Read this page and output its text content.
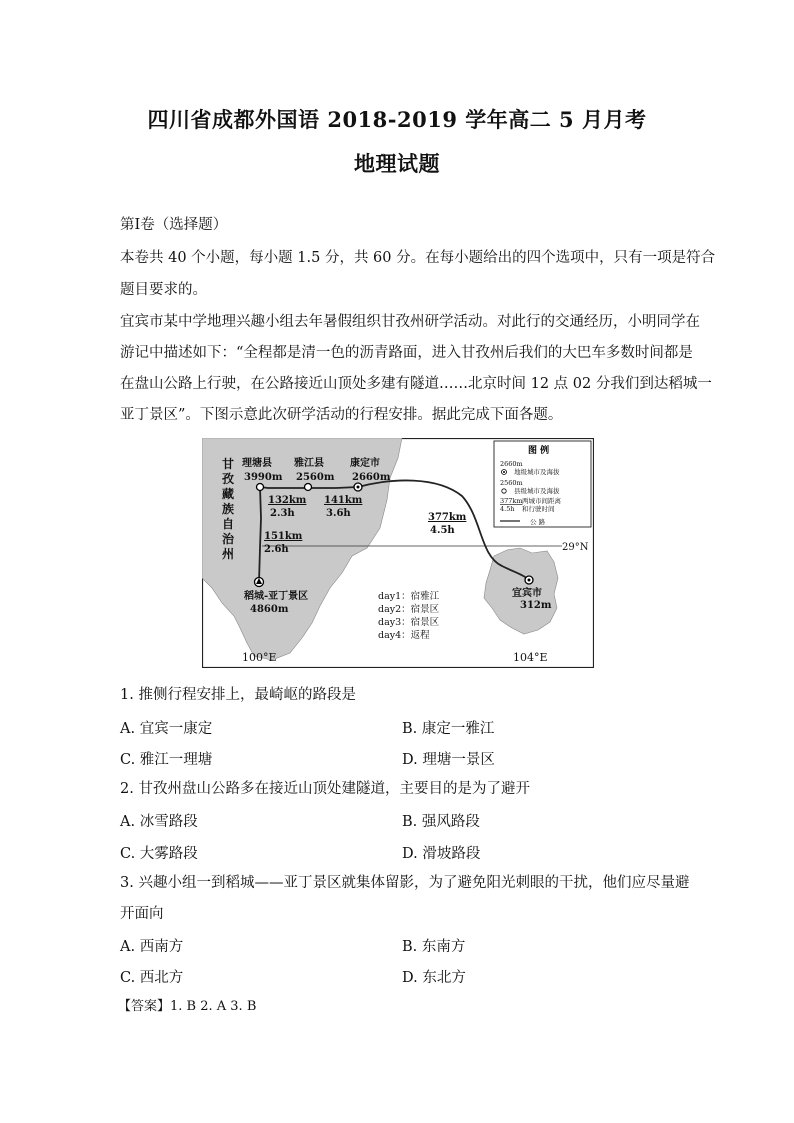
四川省成都外国语 2018-2019 学年高二 5 月月考
地理试题
第Ⅰ卷（选择题）
本卷共 40 个小题，每小题 1.5 分，共 60 分。在每小题给出的四个选项中，只有一项是符合
题目要求的。
宜宾市某中学地理兴趣小组去年暑假组织甘孜州研学活动。对此行的交通经历，小明同学在
游记中描述如下：“全程都是清一色的沥青路面，进入甘孜州后我们的大巴车多数时间都是
在盘山公路上行驶，在公路接近山顶处多建有隧道……北京时间 12 点 02 分我们到达稻城一
亚丁景区”。下图示意此次研学活动的行程安排。据此完成下面各题。
甘
孜
藏
族
自
治
州
理塘县
3990m
雅江县
2560m
康定市
2660m
132km
2.3h
141km
3.6h
151km
2.6h
377km
4.5h
稻城-亚丁景区
4860m
宜宾市
312m
29°N
day1：宿雅江
day2：宿景区
day3：宿景区
day4：返程
图 例
2660m
地级城市及海拔
2560m
县级城市及海拔
377km
4.5h
两城市间距离
和行驶时间
公 路
100°E	104°E
1. 推侧行程安排上，最崎岖的路段是
A. 宜宾一康定	B. 康定一雅江
C. 雅江一理塘	D. 理塘一景区
2. 甘孜州盘山公路多在接近山顶处建隧道，主要目的是为了避开
A. 冰雪路段	B. 强风路段
C. 大雾路段	D. 滑坡路段
3. 兴趣小组一到稻城——亚丁景区就集体留影，为了避免阳光刺眼的干扰，他们应尽量避
开面向
A. 西南方	B. 东南方
C. 西北方	D. 东北方
【答案】1. B 2. A 3. B
